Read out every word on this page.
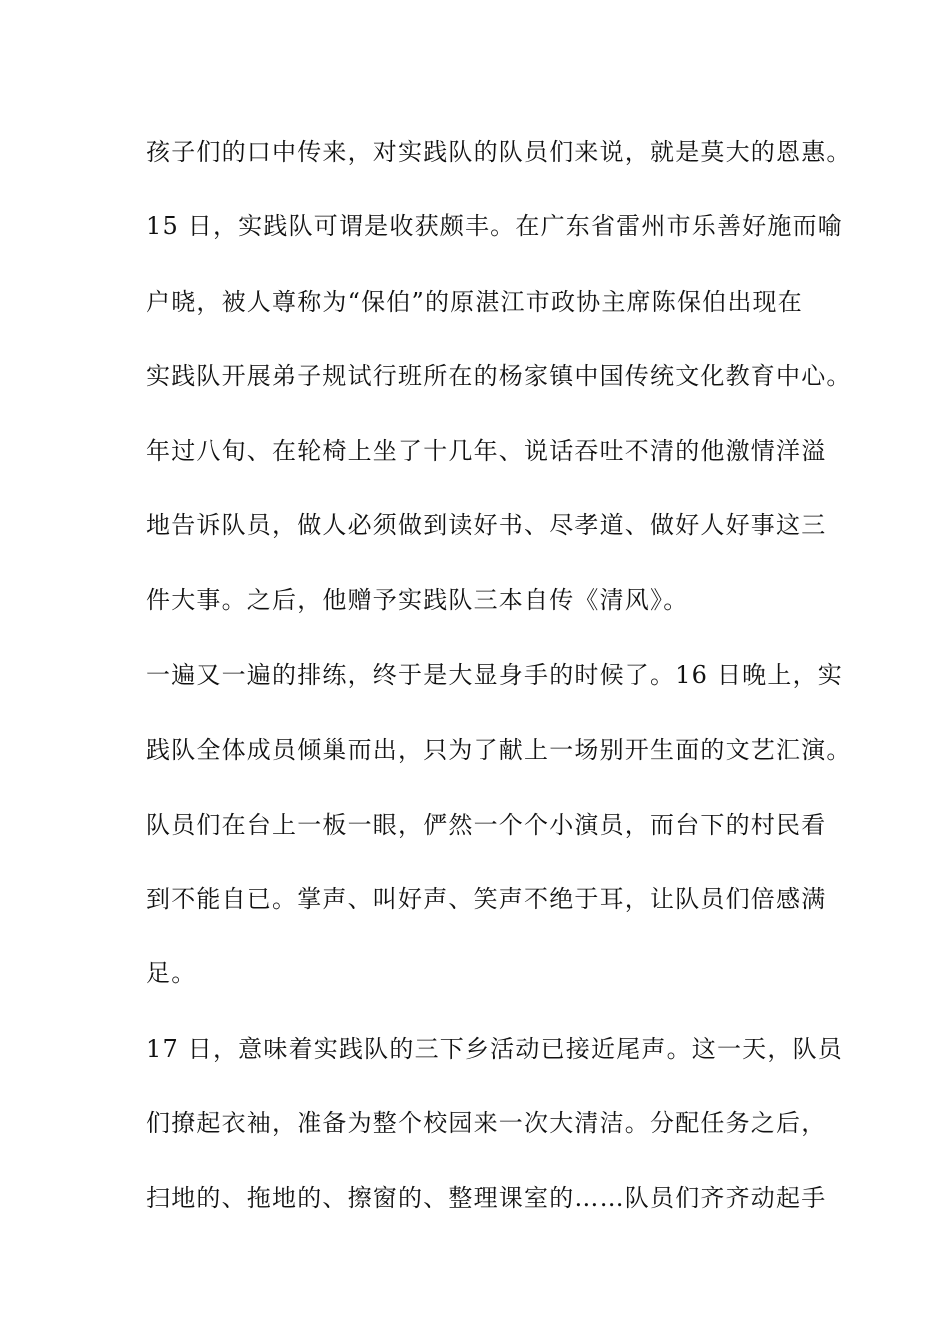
孩子们的口中传来，对实践队的队员们来说，就是莫大的恩惠。
15 日，实践队可谓是收获颇丰。在广东省雷州市乐善好施而喻
户晓，被人尊称为“保伯”的原湛江市政协主席陈保伯出现在
实践队开展弟子规试行班所在的杨家镇中国传统文化教育中心。
年过八旬、在轮椅上坐了十几年、说话吞吐不清的他激情洋溢
地告诉队员，做人必须做到读好书、尽孝道、做好人好事这三
件大事。之后，他赠予实践队三本自传《清风》。
一遍又一遍的排练，终于是大显身手的时候了。16 日晚上，实
践队全体成员倾巢而出，只为了献上一场别开生面的文艺汇演。
队员们在台上一板一眼，俨然一个个小演员，而台下的村民看
到不能自已。掌声、叫好声、笑声不绝于耳，让队员们倍感满
足。
17 日，意味着实践队的三下乡活动已接近尾声。这一天，队员
们撩起衣袖，准备为整个校园来一次大清洁。分配任务之后，
扫地的、拖地的、擦窗的、整理课室的……队员们齐齐动起手
